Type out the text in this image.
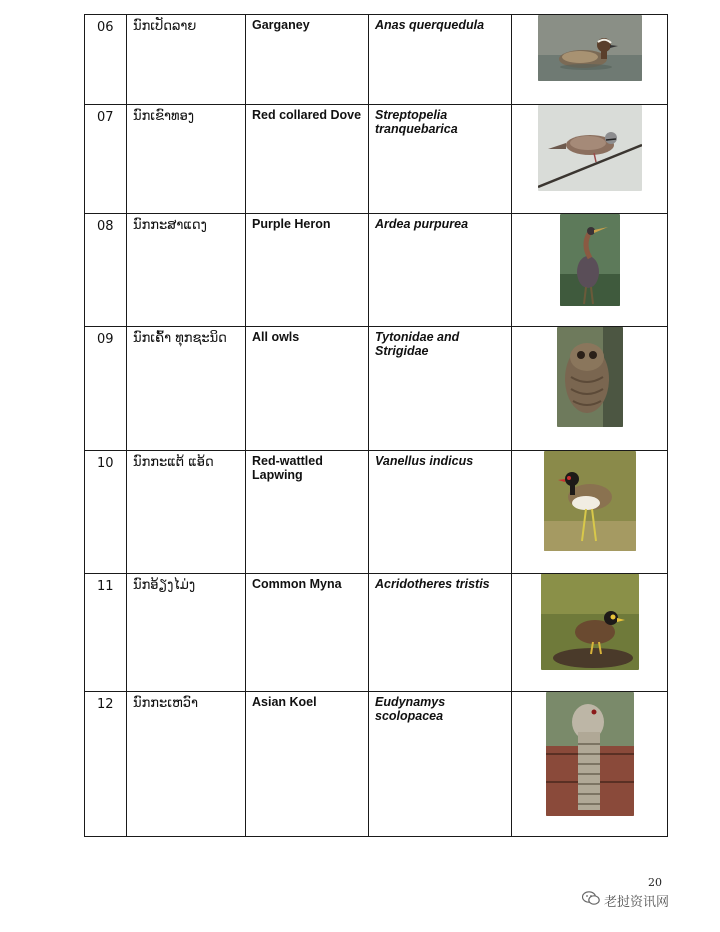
06	ນົກເປັດລາຍ	Garganey	Anas querquedula

07	ນົກເຂົາທອງ	Red collared Dove	Streptopelia tranquebarica

08	ນົກກະສາແດງ	Purple Heron	Ardea purpurea

09	ນົກເຄົ້າ ທຸກຊະນິດ	All owls	Tytonidae and Strigidae

10	ນົກກະແຕ້ ແອ້ດ	Red-wattled Lapwing	Vanellus indicus

11	ນົກອ້ຽງໄມ່ງ	Common Myna	Acridotheres tristis

12	ນົກກະເຫວົາ	Asian Koel	Eudynamys scolopacea

20
老挝资讯网
